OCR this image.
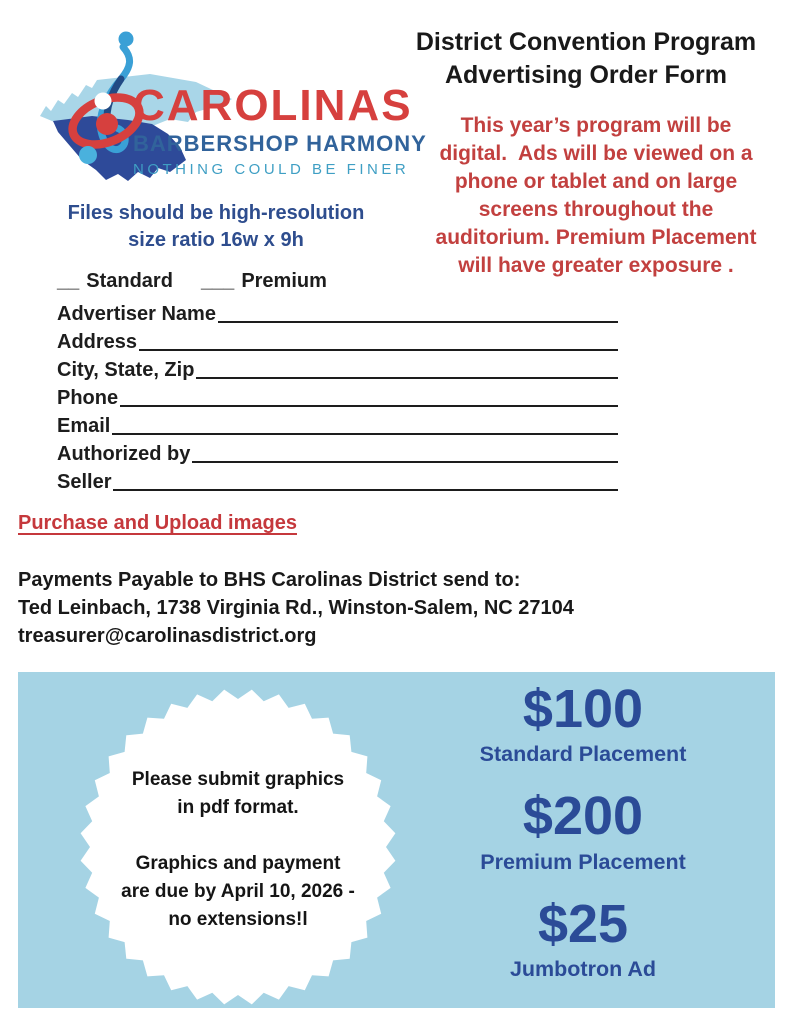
CAROLINAS
BARBERSHOP HARMONY
NOTHING COULD BE FINER
District Convention Program
Advertising Order Form
This year’s program will be
digital.  Ads will be viewed on a
phone or tablet and on large
screens throughout the
auditorium. Premium Placement
will have greater exposure .
Files should be high-resolution
size ratio 16w x 9h
__ Standard ___ Premium
Advertiser Name
Address
City, State, Zip
Phone
Email
Authorized by
Seller
Purchase and Upload images
Payments Payable to BHS Carolinas District send to:
Ted Leinbach, 1738 Virginia Rd., Winston-Salem, NC 27104
treasurer@carolinasdistrict.org
Please submit graphics
in pdf format.
Graphics and payment
are due by April 10, 2026 -
no extensions!l
$100
Standard Placement
$200
Premium Placement
$25
Jumbotron Ad
